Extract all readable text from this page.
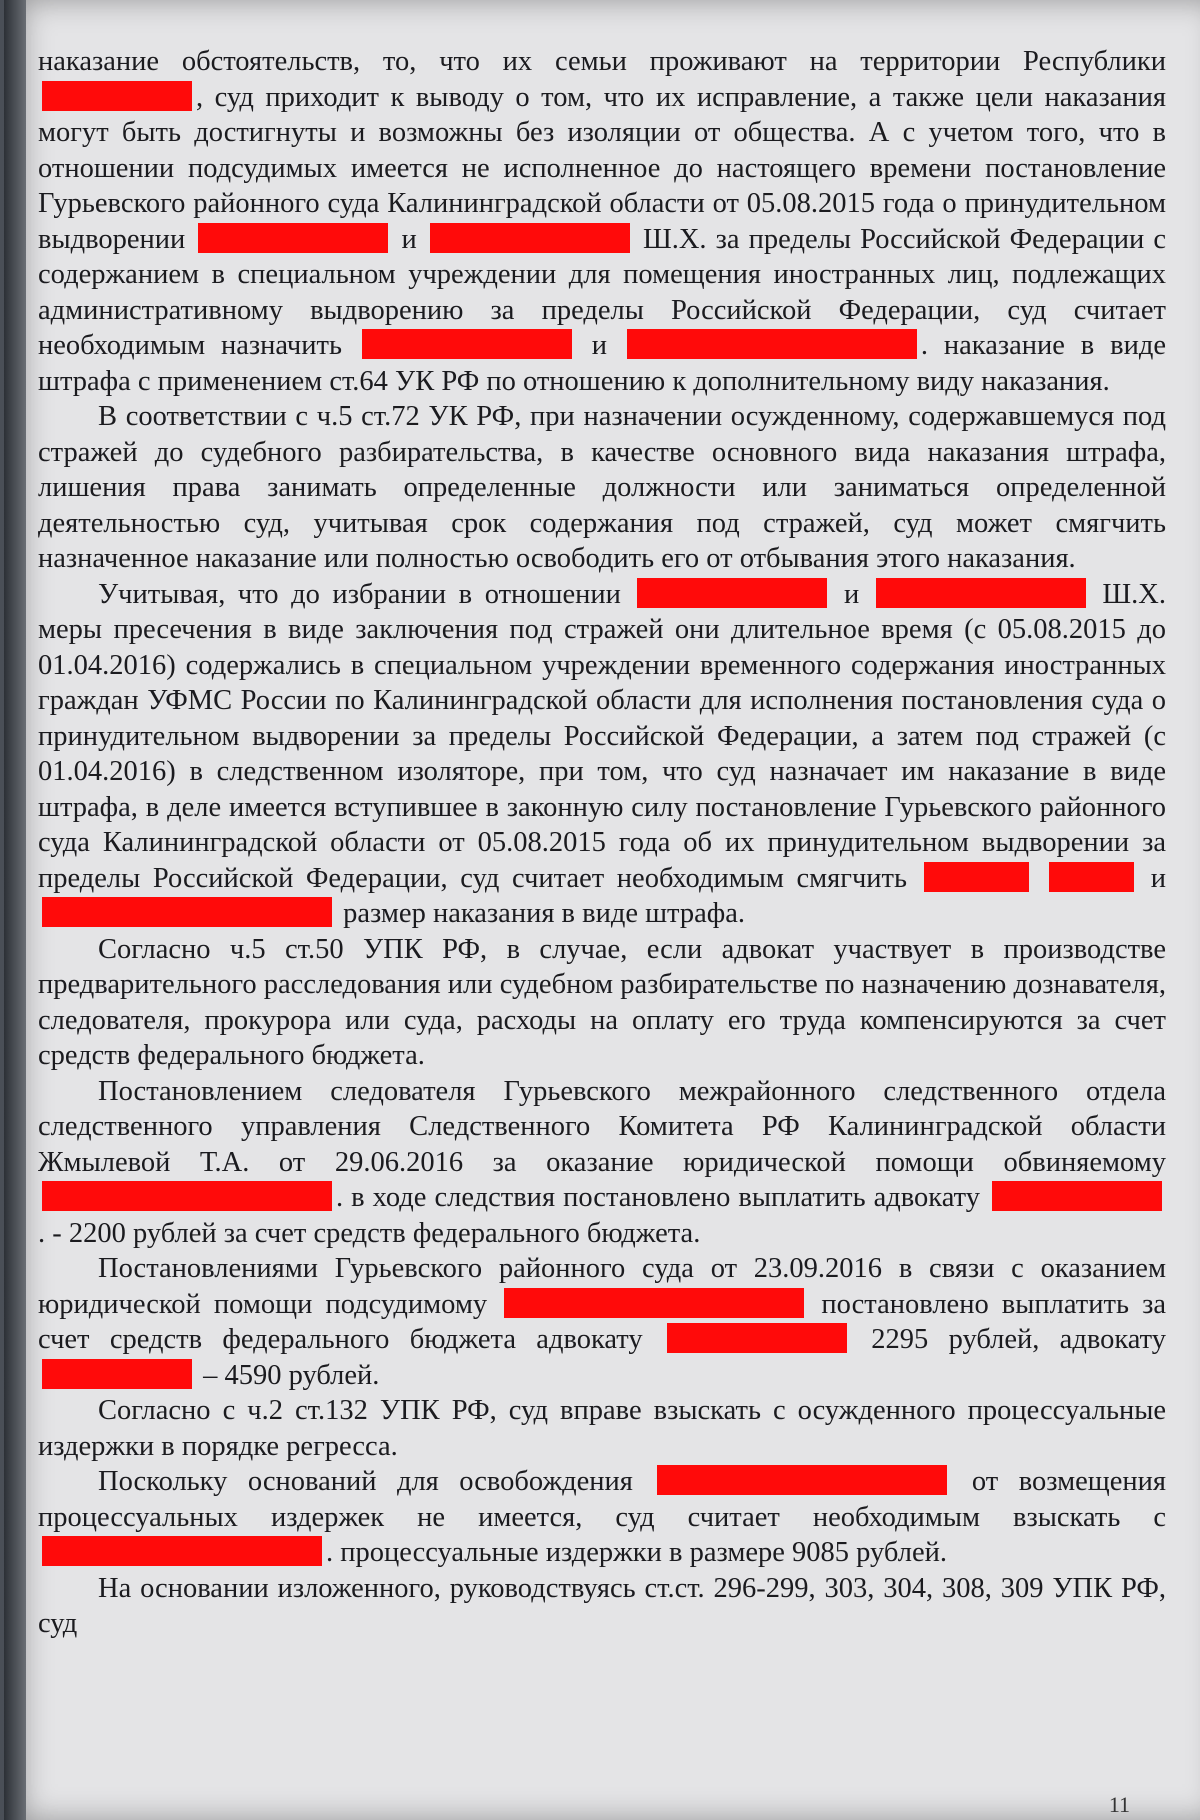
наказание обстоятельств, то, что их семьи проживают на территории Республики , суд приходит к выводу о том, что их исправление, а также цели наказания могут быть достигнуты и возможны без изоляции от общества. А с учетом того, что в отношении подсудимых имеется не исполненное до настоящего времени постановление Гурьевского районного суда Калининградской области от 05.08.2015 года о принудительном выдворении	и	Ш.Х. за пределы Российской Федерации с содержанием в специальном учреждении для помещения иностранных лиц, подлежащих административному выдворению за пределы Российской Федерации, суд считает необходимым назначить	и	. наказание в виде штрафа с применением ст.64 УК РФ по отношению к дополнительному виду наказания.

В соответствии с ч.5 ст.72 УК РФ, при назначении осужденному, содержавшемуся под стражей до судебного разбирательства, в качестве основного вида наказания штрафа, лишения права занимать определенные должности или заниматься определенной деятельностью суд, учитывая срок содержания под стражей, суд может смягчить назначенное наказание или полностью освободить его от отбывания этого наказания.

Учитывая, что до избрании в отношении	и	Ш.Х. меры пресечения в виде заключения под стражей они длительное время (с 05.08.2015 до 01.04.2016) содержались в специальном учреждении временного содержания иностранных граждан УФМС России по Калининградской области для исполнения постановления суда о принудительном выдворении за пределы Российской Федерации, а затем под стражей (с 01.04.2016) в следственном изоляторе, при том, что суд назначает им наказание в виде штрафа, в деле имеется вступившее в законную силу постановление Гурьевского районного суда Калининградской области от 05.08.2015 года об их принудительном выдворении за пределы Российской Федерации, суд считает необходимым смягчить	и  размер наказания в виде штрафа.

Согласно ч.5 ст.50 УПК РФ, в случае, если адвокат участвует в производстве предварительного расследования или судебном разбирательстве по назначению дознавателя, следователя, прокурора или суда, расходы на оплату его труда компенсируются за счет средств федерального бюджета.

Постановлением следователя Гурьевского межрайонного следственного отдела следственного управления Следственного Комитета РФ Калининградской области Жмылевой Т.А. от 29.06.2016 за оказание юридической помощи обвиняемому . в ходе следствия постановлено выплатить адвокату . - 2200 рублей за счет средств федерального бюджета.

Постановлениями Гурьевского районного суда от 23.09.2016 в связи с оказанием юридической помощи подсудимому	постановлено выплатить за счет средств федерального бюджета адвокату	2295 рублей, адвокату  – 4590 рублей.

Согласно с ч.2 ст.132 УПК РФ, суд вправе взыскать с осужденного процессуальные издержки в порядке регресса.

Поскольку оснований для освобождения	от возмещения процессуальных издержек не имеется, суд считает необходимым взыскать с . процессуальные издержки в размере 9085 рублей.

На основании изложенного, руководствуясь ст.ст. 296-299, 303, 304, 308, 309 УПК РФ, суд

11
